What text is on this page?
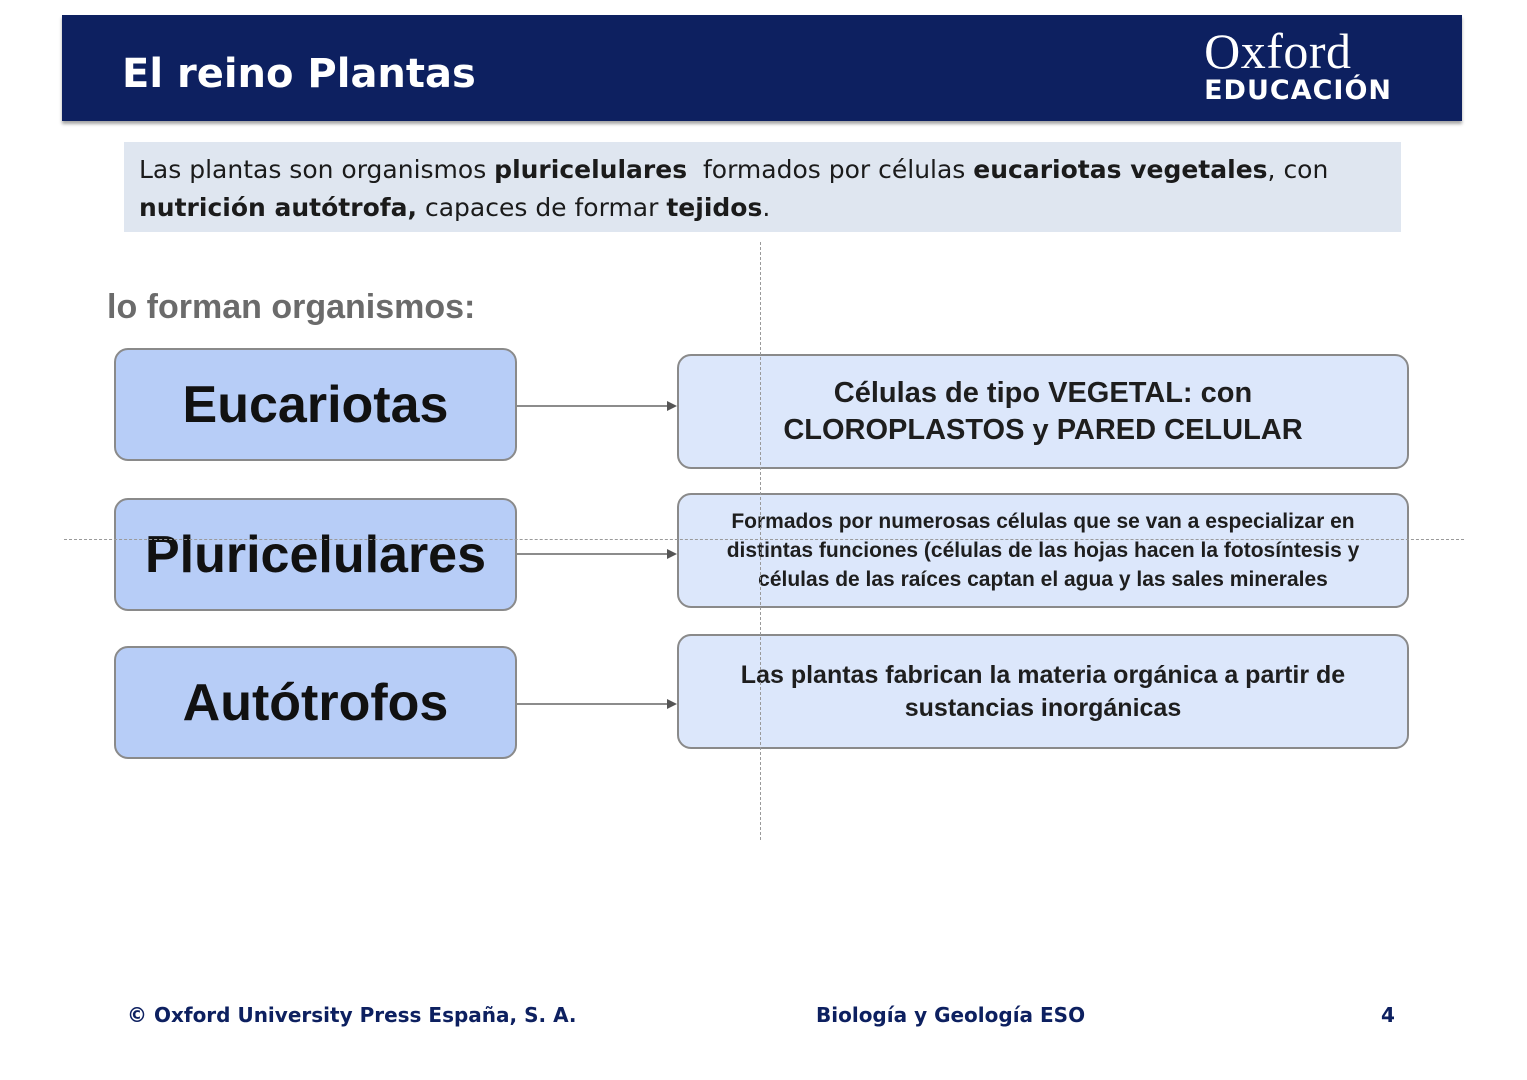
El reino Plantas	Oxford
EDUCACIÓN
Las plantas son organismos pluricelulares  formados por células eucariotas vegetales, con
nutrición autótrofa, capaces de formar tejidos.
lo forman organismos:
Eucariotas	Células de tipo VEGETAL: con CLOROPLASTOS y PARED CELULAR
Pluricelulares
Formados por numerosas células que se van a especializar en distintas funciones (células de las hojas hacen la fotosíntesis y células de las raíces captan el agua y las sales minerales
Autótrofos	Las plantas fabrican la materia orgánica a partir de sustancias inorgánicas
© Oxford University Press España, S. A.	Biología y Geología ESO	4
